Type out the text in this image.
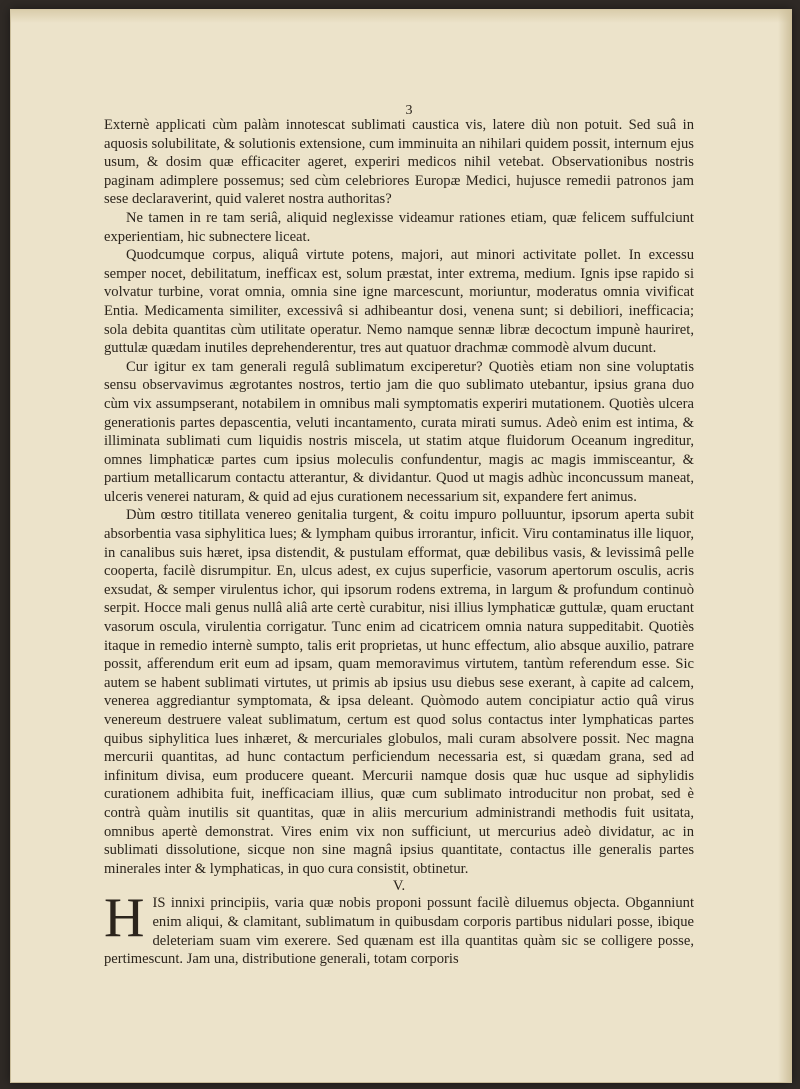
3

Externè applicati cùm palàm innotescat sublimati caustica vis, latere diù non potuit. Sed suâ in aquosis solubilitate, & solutionis extensione, cum imminuita an nihilari quidem possit, internum ejus usum, & dosim quæ efficaciter ageret, experiri medicos nihil vetebat. Observationibus nostris paginam adimplere possemus; sed cùm celebriores Europæ Medici, hujusce remedii patronos jam sese declaraverint, quid valeret nostra authoritas?

Ne tamen in re tam seriâ, aliquid neglexisse videamur rationes etiam, quæ felicem suffulciunt experientiam, hic subnectere liceat.

Quodcumque corpus, aliquâ virtute potens, majori, aut minori activitate pollet. In excessu semper nocet, debilitatum, inefficax est, solum præstat, inter extrema, medium. Ignis ipse rapido si volvatur turbine, vorat omnia, omnia sine igne marcescunt, moriuntur, moderatus omnia vivificat Entia. Medicamenta similiter, excessivâ si adhibeantur dosi, venena sunt; si debiliori, inefficacia; sola debita quantitas cùm utilitate operatur. Nemo namque sennæ libræ decoctum impunè hauriret, guttulæ quædam inutiles deprehenderentur, tres aut quatuor drachmæ commodè alvum ducunt.

Cur igitur ex tam generali regulâ sublimatum exciperetur? Quotiès etiam non sine voluptatis sensu observavimus ægrotantes nostros, tertio jam die quo sublimato utebantur, ipsius grana duo cùm vix assumpserant, notabilem in omnibus mali symptomatis experiri mutationem. Quotiès ulcera generationis partes depascentia, veluti incantamento, curata mirati sumus. Adeò enim est intima, & illiminata sublimati cum liquidis nostris miscela, ut statim atque fluidorum Oceanum ingreditur, omnes limphaticæ partes cum ipsius moleculis confundentur, magis ac magis immisceantur, & partium metallicarum contactu atterantur, & dividantur. Quod ut magis adhùc inconcussum maneat, ulceris venerei naturam, & quid ad ejus curationem necessarium sit, expandere fert animus.

Dùm œstro titillata venereo genitalia turgent, & coitu impuro polluuntur, ipsorum aperta subit absorbentia vasa siphylitica lues; & lympham quibus irrorantur, inficit. Viru contaminatus ille liquor, in canalibus suis hæret, ipsa distendit, & pustulam efformat, quæ debilibus vasis, & levissimâ pelle cooperta, facilè disrumpitur. En, ulcus adest, ex cujus superficie, vasorum apertorum osculis, acris exsudat, & semper virulentus ichor, qui ipsorum rodens extrema, in largum & profundum continuò serpit. Hocce mali genus nullâ aliâ arte certè curabitur, nisi illius lymphaticæ guttulæ, quam eructant vasorum oscula, virulentia corrigatur. Tunc enim ad cicatricem omnia natura suppeditabit. Quotiès itaque in remedio internè sumpto, talis erit proprietas, ut hunc effectum, alio absque auxilio, patrare possit, afferendum erit eum ad ipsam, quam memoravimus virtutem, tantùm referendum esse. Sic autem se habent sublimati virtutes, ut primis ab ipsius usu diebus sese exerant, à capite ad calcem, venerea aggrediantur symptomata, & ipsa deleant. Quòmodo autem concipiatur actio quâ virus venereum destruere valeat sublimatum, certum est quod solus contactus inter lymphaticas partes quibus siphylitica lues inhæret, & mercuriales globulos, mali curam absolvere possit. Nec magna mercurii quantitas, ad hunc contactum perficiendum necessaria est, si quædam grana, sed ad infinitum divisa, eum producere queant. Mercurii namque dosis quæ huc usque ad siphylidis curationem adhibita fuit, inefficaciam illius, quæ cum sublimato introducitur non probat, sed è contrà quàm inutilis sit quantitas, quæ in aliis mercurium administrandi methodis fuit usitata, omnibus apertè demonstrat. Vires enim vix non sufficiunt, ut mercurius adeò dividatur, ac in sublimati dissolutione, sicque non sine magnâ ipsius quantitate, contactus ille generalis partes minerales inter & lymphaticas, in quo cura consistit, obtinetur.

V.

HIS innixi principiis, varia quæ nobis proponi possunt facilè diluemus objecta. Obganniunt enim aliqui, & clamitant, sublimatum in quibusdam corporis partibus nidulari posse, ibique deleteriam suam vim exerere. Sed quænam est illa quantitas quàm sic se colligere posse, pertimescunt. Jam una, distributione generali, totam corporis
